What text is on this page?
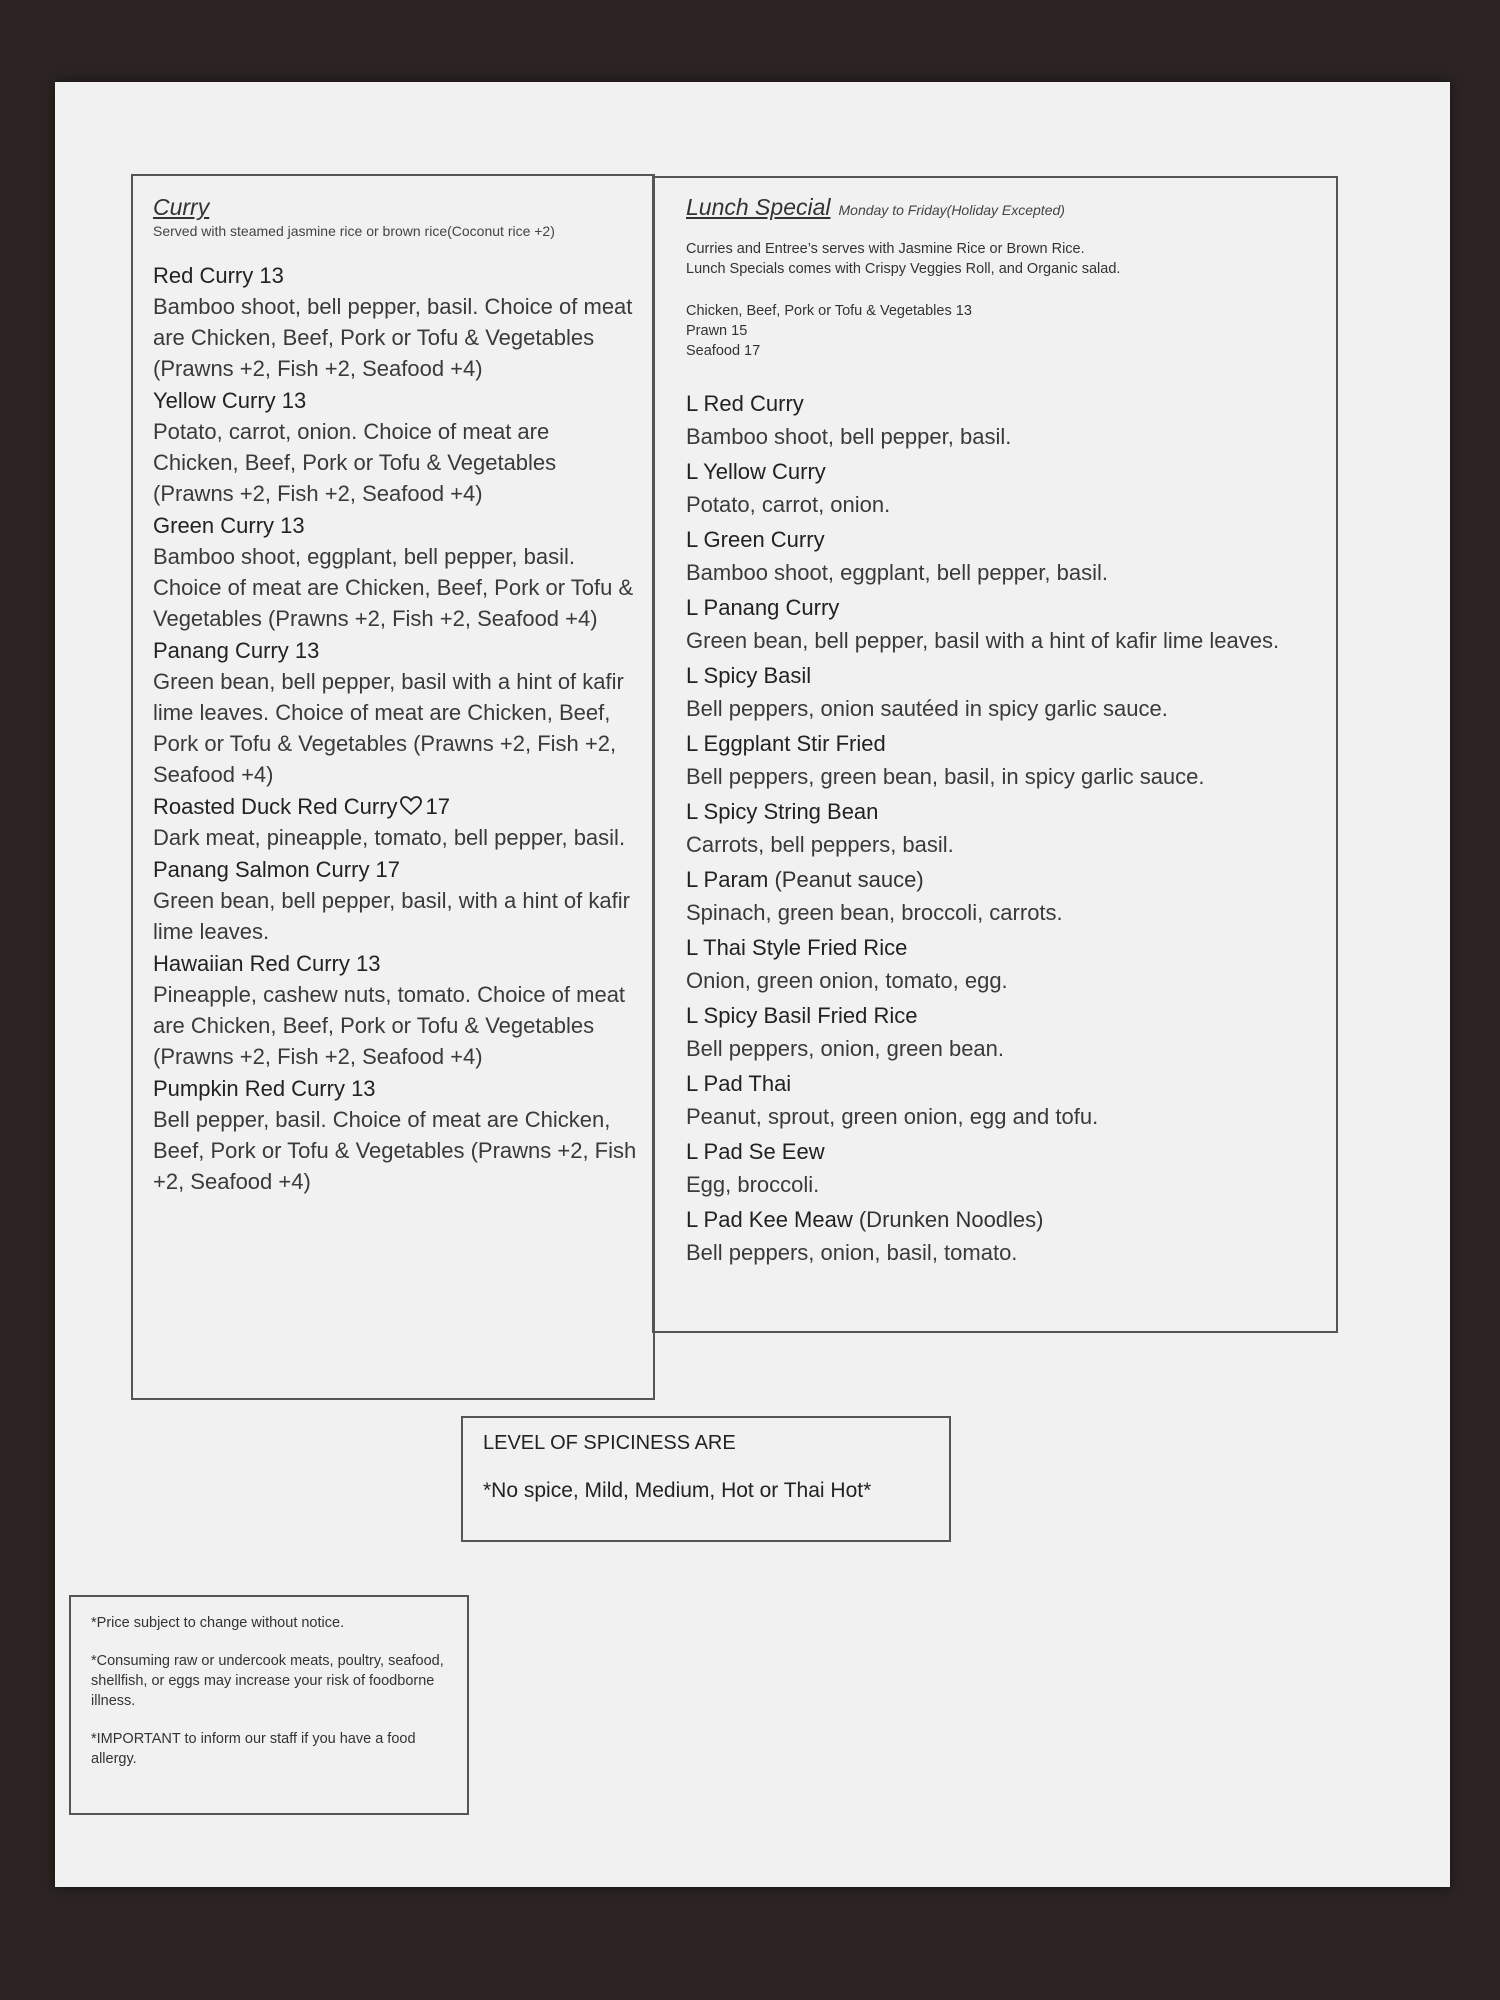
Curry
Served with steamed jasmine rice or brown rice(Coconut rice +2)
Red Curry 13
Bamboo shoot, bell pepper, basil. Choice of meat are Chicken, Beef, Pork or Tofu & Vegetables (Prawns +2, Fish +2, Seafood +4)
Yellow Curry 13
Potato, carrot, onion. Choice of meat are Chicken, Beef, Pork or Tofu & Vegetables (Prawns +2, Fish +2, Seafood +4)
Green Curry 13
Bamboo shoot, eggplant, bell pepper, basil. Choice of meat are Chicken, Beef, Pork or Tofu & Vegetables (Prawns +2, Fish +2, Seafood +4)
Panang Curry 13
Green bean, bell pepper, basil with a hint of kafir lime leaves. Choice of meat are Chicken, Beef, Pork or Tofu & Vegetables (Prawns +2, Fish +2, Seafood +4)
Roasted Duck Red Curry 17
Dark meat, pineapple, tomato, bell pepper, basil.
Panang Salmon Curry 17
Green bean, bell pepper, basil, with a hint of kafir lime leaves.
Hawaiian Red Curry 13
Pineapple, cashew nuts, tomato. Choice of meat are Chicken, Beef, Pork or Tofu & Vegetables (Prawns +2, Fish +2, Seafood +4)
Pumpkin Red Curry 13
Bell pepper, basil. Choice of meat are Chicken, Beef, Pork or Tofu & Vegetables (Prawns +2, Fish +2, Seafood +4)
Lunch Special Monday to Friday(Holiday Excepted)
Curries and Entree’s serves with Jasmine Rice or Brown Rice.
Lunch Specials comes with Crispy Veggies Roll, and Organic salad.
Chicken, Beef, Pork or Tofu & Vegetables 13
Prawn 15
Seafood 17
L Red Curry
Bamboo shoot, bell pepper, basil.
L Yellow Curry
Potato, carrot, onion.
L Green Curry
Bamboo shoot, eggplant, bell pepper, basil.
L Panang Curry
Green bean, bell pepper, basil with a hint of kafir lime leaves.
L Spicy Basil
Bell peppers, onion sautéed in spicy garlic sauce.
L Eggplant Stir Fried
Bell peppers, green bean, basil, in spicy garlic sauce.
L Spicy String Bean
Carrots, bell peppers, basil.
L Param (Peanut sauce)
Spinach, green bean, broccoli, carrots.
L Thai Style Fried Rice
Onion, green onion, tomato, egg.
L Spicy Basil Fried Rice
Bell peppers, onion, green bean.
L Pad Thai
Peanut, sprout, green onion, egg and tofu.
L Pad Se Eew
Egg, broccoli.
L Pad Kee Meaw (Drunken Noodles)
Bell peppers, onion, basil, tomato.
LEVEL OF SPICINESS ARE
*No spice, Mild, Medium, Hot or Thai Hot*
*Price subject to change without notice.
*Consuming raw or undercook meats, poultry, seafood, shellfish, or eggs may increase your risk of foodborne illness.
*IMPORTANT to inform our staff if you have a food allergy.
